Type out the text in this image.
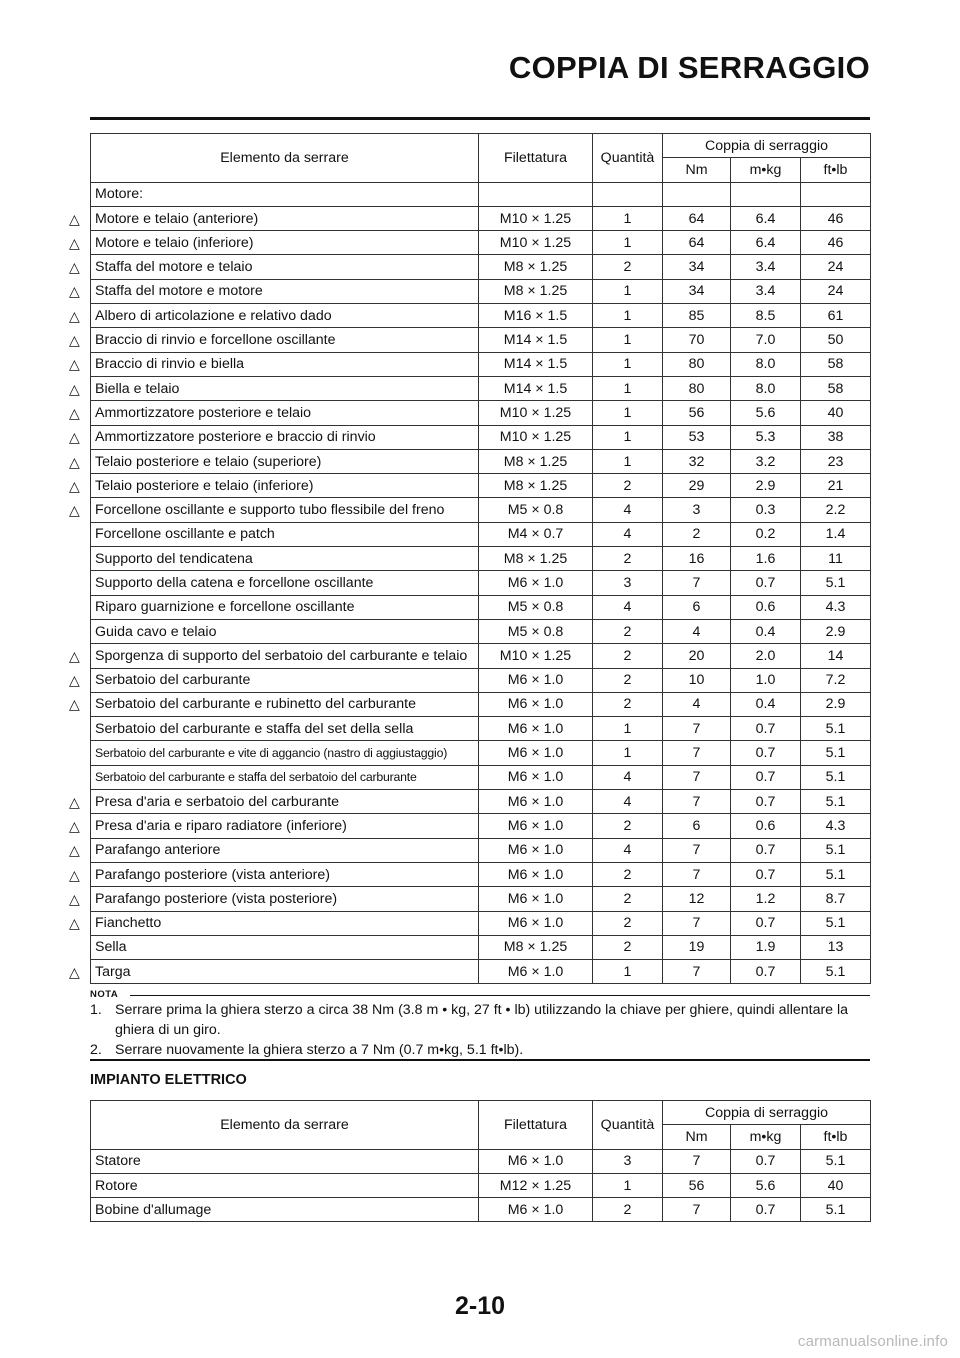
COPPIA DI SERRAGGIO
Elemento da serrare	Filettatura	Quantità	Coppia di serraggio		
			Nm	m•kg	ft•lb
Motore:					

△ Motore e telaio (anteriore)	M10 × 1.25	1	64	6.4	46

△ Motore e telaio (inferiore)	M10 × 1.25	1	64	6.4	46

△ Staffa del motore e telaio	M8 × 1.25	2	34	3.4	24

△ Staffa del motore e motore	M8 × 1.25	1	34	3.4	24

△ Albero di articolazione e relativo dado	M16 × 1.5	1	85	8.5	61

△ Braccio di rinvio e forcellone oscillante	M14 × 1.5	1	70	7.0	50

△ Braccio di rinvio e biella	M14 × 1.5	1	80	8.0	58

△ Biella e telaio	M14 × 1.5	1	80	8.0	58

△ Ammortizzatore posteriore e telaio	M10 × 1.25	1	56	5.6	40

△ Ammortizzatore posteriore e braccio di rinvio	M10 × 1.25	1	53	5.3	38

△ Telaio posteriore e telaio (superiore)	M8 × 1.25	1	32	3.2	23

△ Telaio posteriore e telaio (inferiore)	M8 × 1.25	2	29	2.9	21

△ Forcellone oscillante e supporto tubo flessibile del freno	M5 × 0.8	4	3	0.3	2.2
Forcellone oscillante e patch	M4 × 0.7	4	2	0.2	1.4
Supporto del tendicatena	M8 × 1.25	2	16	1.6	11
Supporto della catena e forcellone oscillante	M6 × 1.0	3	7	0.7	5.1
Riparo guarnizione e forcellone oscillante	M5 × 0.8	4	6	0.6	4.3
Guida cavo e telaio	M5 × 0.8	2	4	0.4	2.9

△ Sporgenza di supporto del serbatoio del carburante e telaio	M10 × 1.25	2	20	2.0	14

△ Serbatoio del carburante	M6 × 1.0	2	10	1.0	7.2

△ Serbatoio del carburante e rubinetto del carburante	M6 × 1.0	2	4	0.4	2.9
Serbatoio del carburante e staffa del set della sella	M6 × 1.0	1	7	0.7	5.1
Serbatoio del carburante e vite di aggancio (nastro di aggiustaggio)	M6 × 1.0	1	7	0.7	5.1
Serbatoio del carburante e staffa del serbatoio del carburante	M6 × 1.0	4	7	0.7	5.1

△ Presa d'aria e serbatoio del carburante	M6 × 1.0	4	7	0.7	5.1

△ Presa d'aria e riparo radiatore (inferiore)	M6 × 1.0	2	6	0.6	4.3

△ Parafango anteriore	M6 × 1.0	4	7	0.7	5.1

△ Parafango posteriore (vista anteriore)	M6 × 1.0	2	7	0.7	5.1

△ Parafango posteriore (vista posteriore)	M6 × 1.0	2	12	1.2	8.7

△ Fianchetto	M6 × 1.0	2	7	0.7	5.1
Sella	M8 × 1.25	2	19	1.9	13

△ Targa	M6 × 1.0	1	7	0.7	5.1
NOTA
1. Serrare prima la ghiera sterzo a circa 38 Nm (3.8 m • kg, 27 ft • lb) utilizzando la chiave per ghiere, quindi allentare la ghiera di un giro.
2. Serrare nuovamente la ghiera sterzo a 7 Nm (0.7 m•kg, 5.1 ft•lb).
IMPIANTO ELETTRICO
Elemento da serrare	Filettatura	Quantità	Coppia di serraggio		
			Nm	m•kg	ft•lb
Statore	M6 × 1.0	3	7	0.7	5.1
Rotore	M12 × 1.25	1	56	5.6	40
Bobine d'allumage	M6 × 1.0	2	7	0.7	5.1
2-10
carmanualsonline.info
